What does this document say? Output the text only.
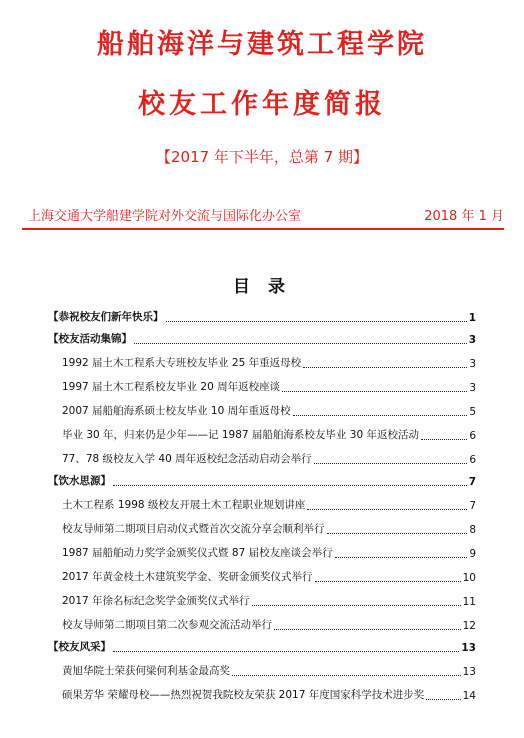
船舶海洋与建筑工程学院
校友工作年度简报
【2017 年下半年，总第 7 期】
上海交通大学船建学院对外交流与国际化办公室	2018 年 1 月
目 录
【恭祝校友们新年快乐】	1
【校友活动集锦】	3
1992 届土木工程系大专班校友毕业 25 年重返母校	3
1997 届土木工程系校友毕业 20 周年返校座谈	3
2007 届船舶海系硕士校友毕业 10 周年重返母校	5
毕业 30 年，归来仍是少年——记 1987 届船舶海系校友毕业 30 年返校活动	6
77、78 级校友入学 40 周年返校纪念活动启动会举行	6
【饮水思源】	7
土木工程系 1998 级校友开展土木工程职业规划讲座	7
校友导师第二期项目启动仪式暨首次交流分享会顺利举行	8
1987 届船舶动力奖学金颁奖仪式暨 87 届校友座谈会举行	9
2017 年黄金枝土木建筑奖学金、奖研金颁奖仪式举行	10
2017 年徐名标纪念奖学金颁奖仪式举行	11
校友导师第二期项目第二次参观交流活动举行	12
【校友风采】	13
黄旭华院士荣获何梁何利基金最高奖	13
硕果芳华 荣耀母校——热烈祝贺我院校友荣获 2017 年度国家科学技术进步奖	14
